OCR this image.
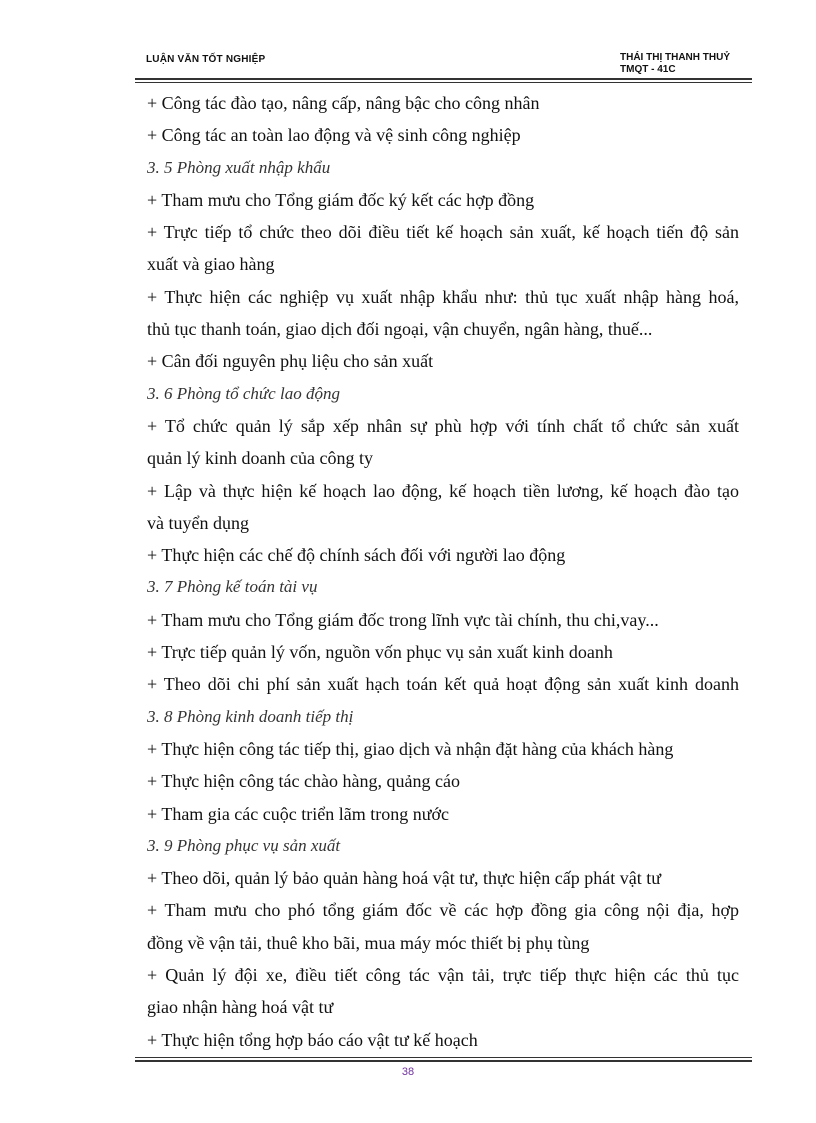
LUẬN VĂN TỐT NGHIỆP	THÁI THỊ THANH THUỶ
TMQT - 41C
+ Công tác đào tạo, nâng cấp, nâng bậc cho công nhân
+ Công tác an toàn lao động và vệ sinh công nghiệp
3. 5 Phòng xuất nhập khẩu
+ Tham mưu cho Tổng giám đốc ký kết các hợp đồng
+ Trực tiếp tổ chức theo dõi điều tiết kế hoạch sản xuất, kế hoạch tiến độ sản
xuất và giao hàng
+ Thực hiện các nghiệp vụ xuất nhập khẩu như: thủ tục xuất nhập hàng hoá,
thủ tục thanh toán, giao dịch đối ngoại, vận chuyển, ngân hàng, thuế...
+ Cân đối nguyên phụ liệu cho sản xuất
3. 6 Phòng tổ chức lao động
+ Tổ chức quản lý sắp xếp nhân sự phù hợp với tính chất tổ chức sản xuất
quản lý kinh doanh của công ty
+ Lập và thực hiện kế hoạch lao động, kế hoạch tiền lương, kế hoạch đào tạo
và tuyển dụng
+ Thực hiện các chế độ chính sách đối với người lao động
3. 7 Phòng kế toán tài vụ
+ Tham mưu cho Tổng giám đốc trong lĩnh vực tài chính, thu chi,vay...
+ Trực tiếp quản lý vốn, nguồn vốn phục vụ sản xuất kinh doanh
+ Theo dõi chi phí sản xuất hạch toán kết quả hoạt động sản xuất kinh doanh
3. 8 Phòng kinh doanh tiếp thị
+ Thực hiện công tác tiếp thị, giao dịch và nhận đặt hàng của khách hàng
+ Thực hiện công tác chào hàng, quảng cáo
+ Tham gia các cuộc triển lãm trong nước
3. 9 Phòng phục vụ sản xuất
+ Theo dõi, quản lý bảo quản hàng hoá vật tư, thực hiện cấp phát vật tư
+ Tham mưu cho phó tổng giám đốc về các hợp đồng gia công nội địa, hợp
đồng về vận tải, thuê kho bãi, mua máy móc thiết bị phụ tùng
+ Quản lý đội xe, điều tiết công tác vận tải, trực tiếp thực hiện các thủ tục
giao nhận hàng hoá vật tư
+ Thực hiện tổng hợp báo cáo vật tư kế hoạch
38
